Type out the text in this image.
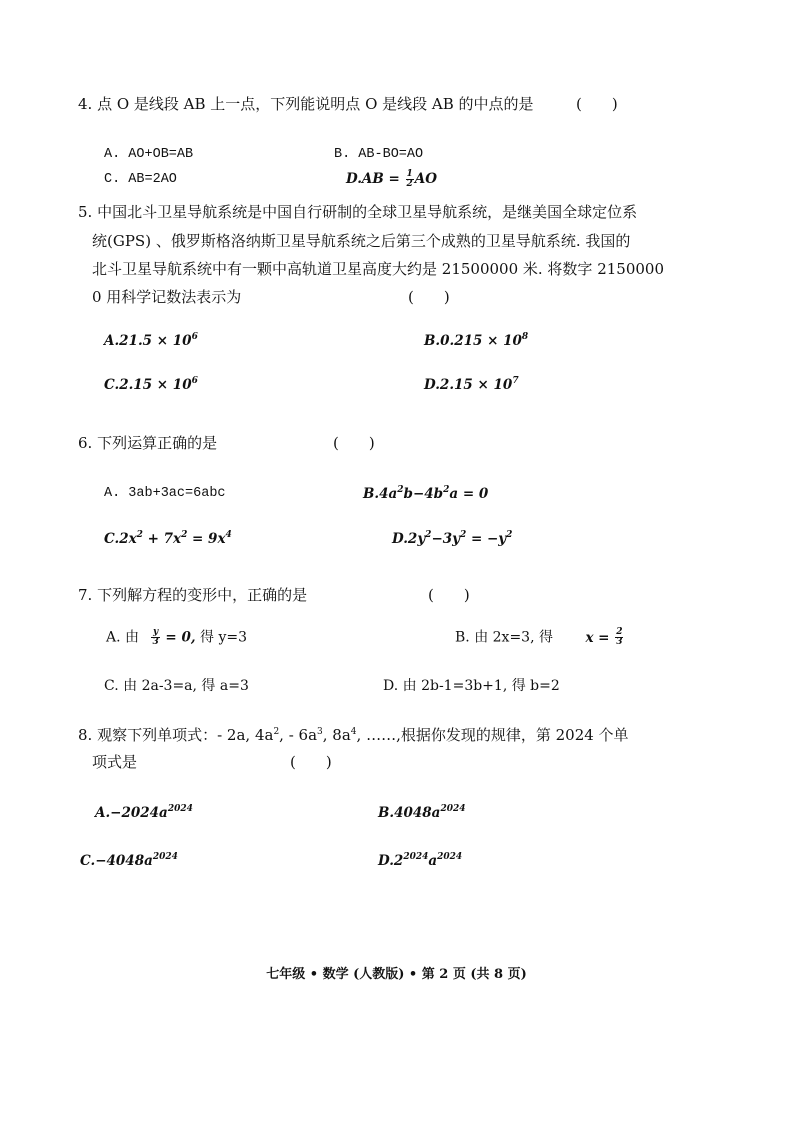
4. 点 O 是线段 AB 上一点，下列能说明点 O 是线段 AB 的中点的是	(　　)
A. AO+OB=AB	B. AB-BO=AO
C. AB=2AO	$D.AB = \frac{1}{2}$ AO
5. 中国北斗卫星导航系统是中国自行研制的全球卫星导航系统，是继美国全球定位系
统(GPS) 、俄罗斯格洛纳斯卫星导航系统之后第三个成熟的卫星导航系统. 我国的
北斗卫星导航系统中有一颗中高轨道卫星高度大约是 21500000 米. 将数字 2150000
0 用科学记数法表示为	(　　)
$A.21.5 \times 10^6$	$B.0.215 \times 10^8$
$C.2.15 \times 10^6$	$D.2.15 \times 10^7$
6. 下列运算正确的是	(　　)
A. 3ab+3ac=6abc	$B.4a^2b-4b^2a = 0$
$C.2x^2 + 7x^2 = 9x^4$	$D.2y^2-3y^2 = -y^2$
7. 下列解方程的变形中，正确的是	(　　)
A. 由 $\frac{y}{3} = 0$, 得 y=3	B. 由 2x=3, 得 $x = \frac{2}{3}$
C. 由 2a-3=a, 得 a=3	D. 由 2b-1=3b+1, 得 b=2
8. 观察下列单项式：- 2a, $4a^2$, - $6a^3$, $8a^4$, ……,根据你发现的规律，第 2024 个单
项式是	(　　)
$A.-2024a^{2024}$	$B.4048a^{2024}$
$C.-4048a^{2024}$	$D.2^{2024}a^{2024}$
七年级 • 数学 (人教版) • 第 2 页 (共 8 页)
